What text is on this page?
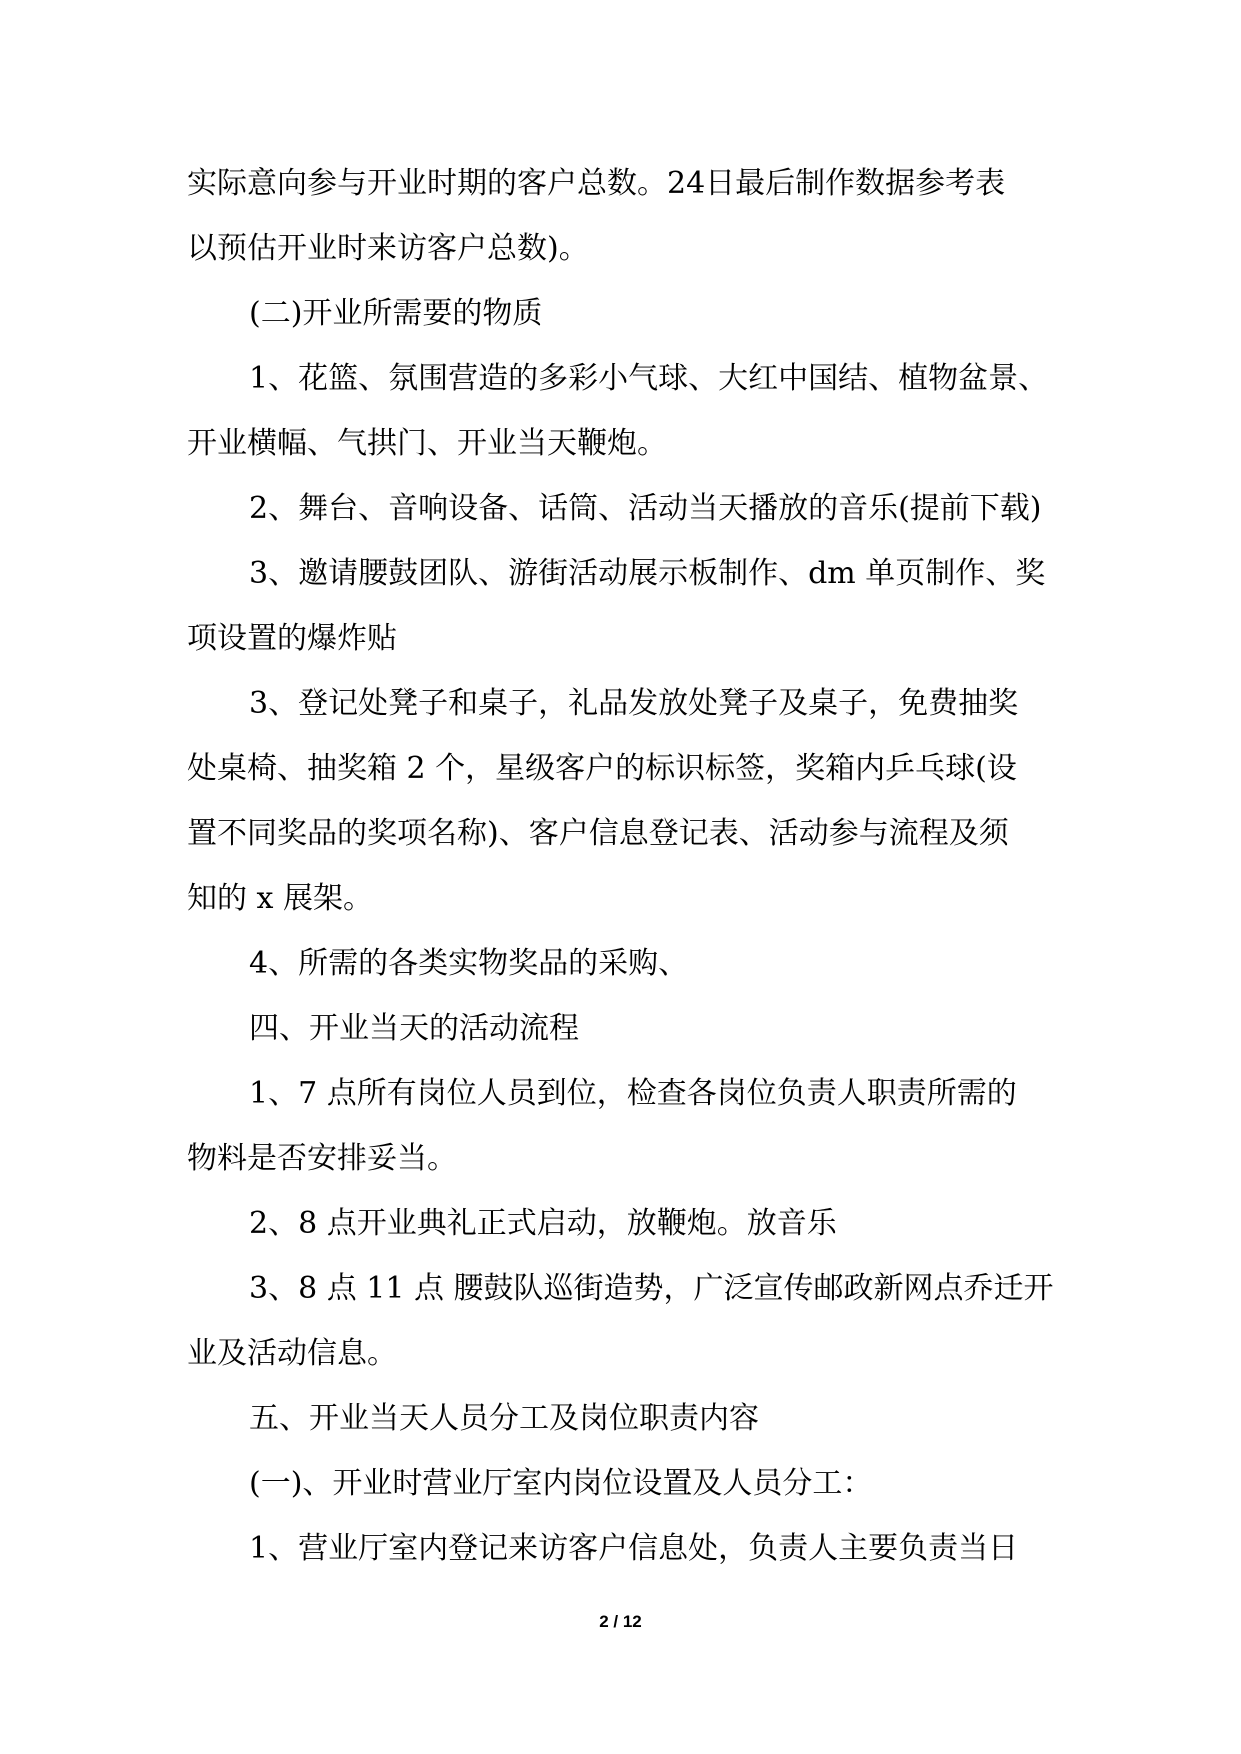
实际意向参与开业时期的客户总数。24日最后制作数据参考表
以预估开业时来访客户总数)。
(二)开业所需要的物质
1、花篮、氛围营造的多彩小气球、大红中国结、植物盆景、
开业横幅、气拱门、开业当天鞭炮。
2、舞台、音响设备、话筒、活动当天播放的音乐(提前下载)
3、邀请腰鼓团队、游街活动展示板制作、dm 单页制作、奖
项设置的爆炸贴
3、登记处凳子和桌子，礼品发放处凳子及桌子，免费抽奖
处桌椅、抽奖箱 2 个，星级客户的标识标签，奖箱内乒乓球(设
置不同奖品的奖项名称)、客户信息登记表、活动参与流程及须
知的 x 展架。
4、所需的各类实物奖品的采购、
四、开业当天的活动流程
1、7 点所有岗位人员到位，检查各岗位负责人职责所需的
物料是否安排妥当。
2、8 点开业典礼正式启动，放鞭炮。放音乐
3、8 点 11 点 腰鼓队巡街造势，广泛宣传邮政新网点乔迁开
业及活动信息。
五、开业当天人员分工及岗位职责内容
(一)、开业时营业厅室内岗位设置及人员分工：
1、营业厅室内登记来访客户信息处，负责人主要负责当日
2 / 12
